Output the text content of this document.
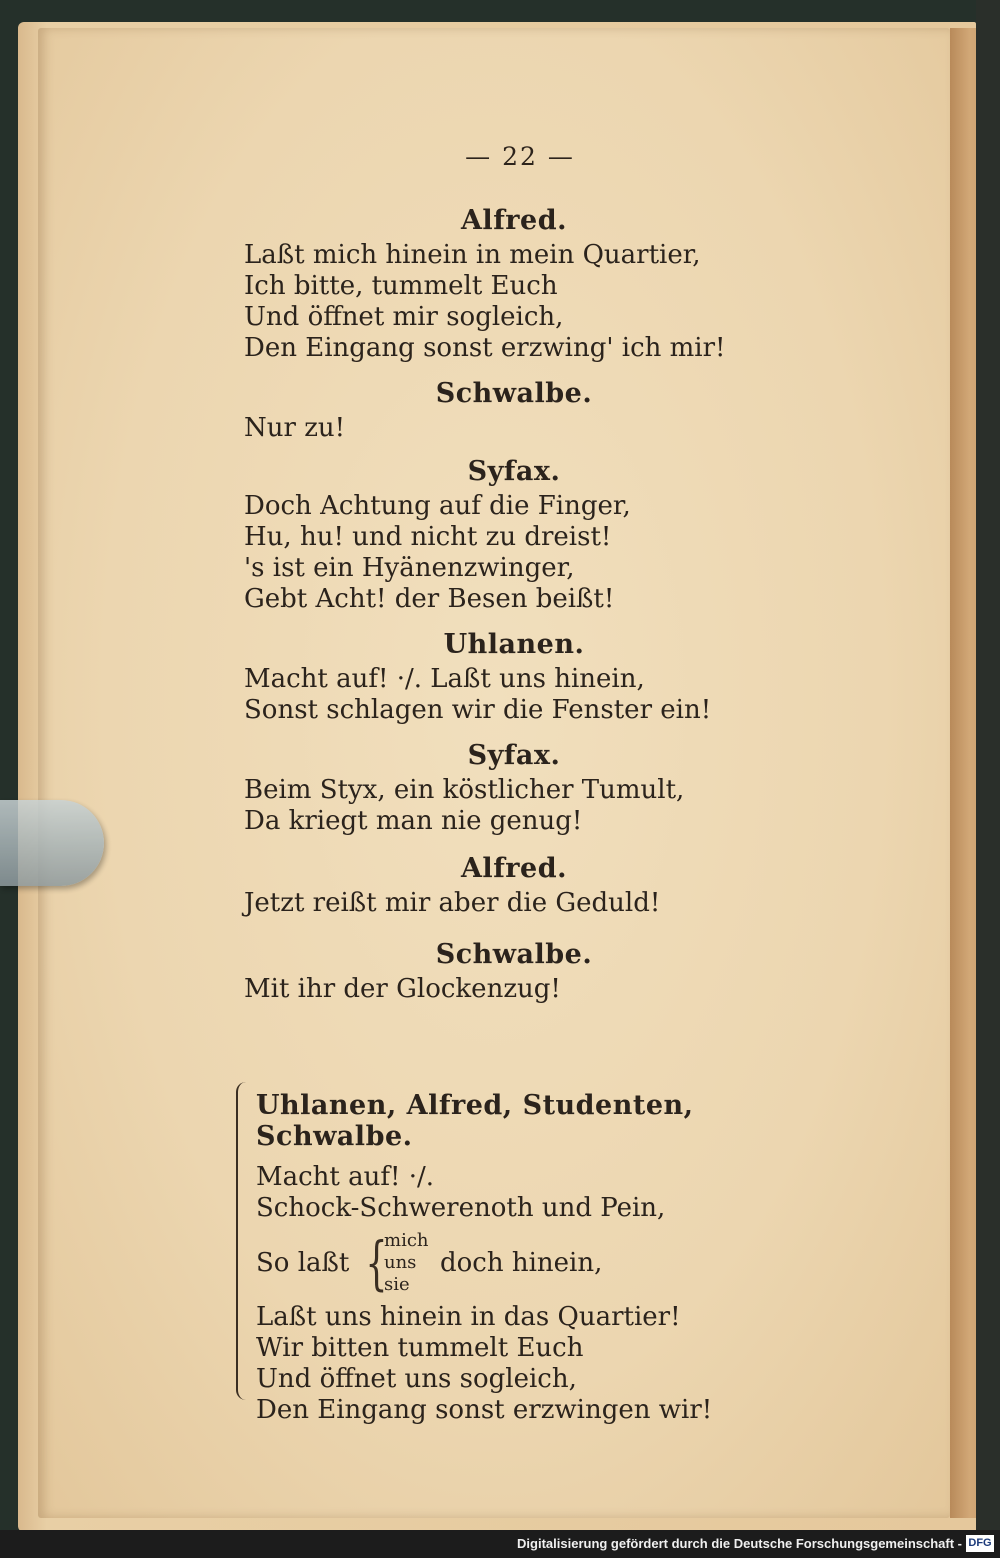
— 22 —
Alfred.
Laßt mich hinein in mein Quartier,
Ich bitte, tummelt Euch
Und öffnet mir sogleich,
Den Eingang sonst erzwing' ich mir!
Schwalbe.
Nur zu!
Syfax.
Doch Achtung auf die Finger,
Hu, hu! und nicht zu dreist!
's ist ein Hyänenzwinger,
Gebt Acht! der Besen beißt!
Uhlanen.
Macht auf! ·/. Laßt uns hinein,
Sonst schlagen wir die Fenster ein!
Syfax.
Beim Styx, ein köstlicher Tumult,
Da kriegt man nie genug!
Alfred.
Jetzt reißt mir aber die Geduld!
Schwalbe.
Mit ihr der Glockenzug!
Uhlanen, Alfred, Studenten, Schwalbe.
Macht auf! ·/.
Schock-Schwerenoth und Pein,
So laßt {
mich
uns
sie
doch hinein,
Laßt uns hinein in das Quartier!
Wir bitten tummelt Euch
Und öffnet uns sogleich,
Den Eingang sonst erzwingen wir!
Digitalisierung gefördert durch die Deutsche Forschungsgemeinschaft - DFG
